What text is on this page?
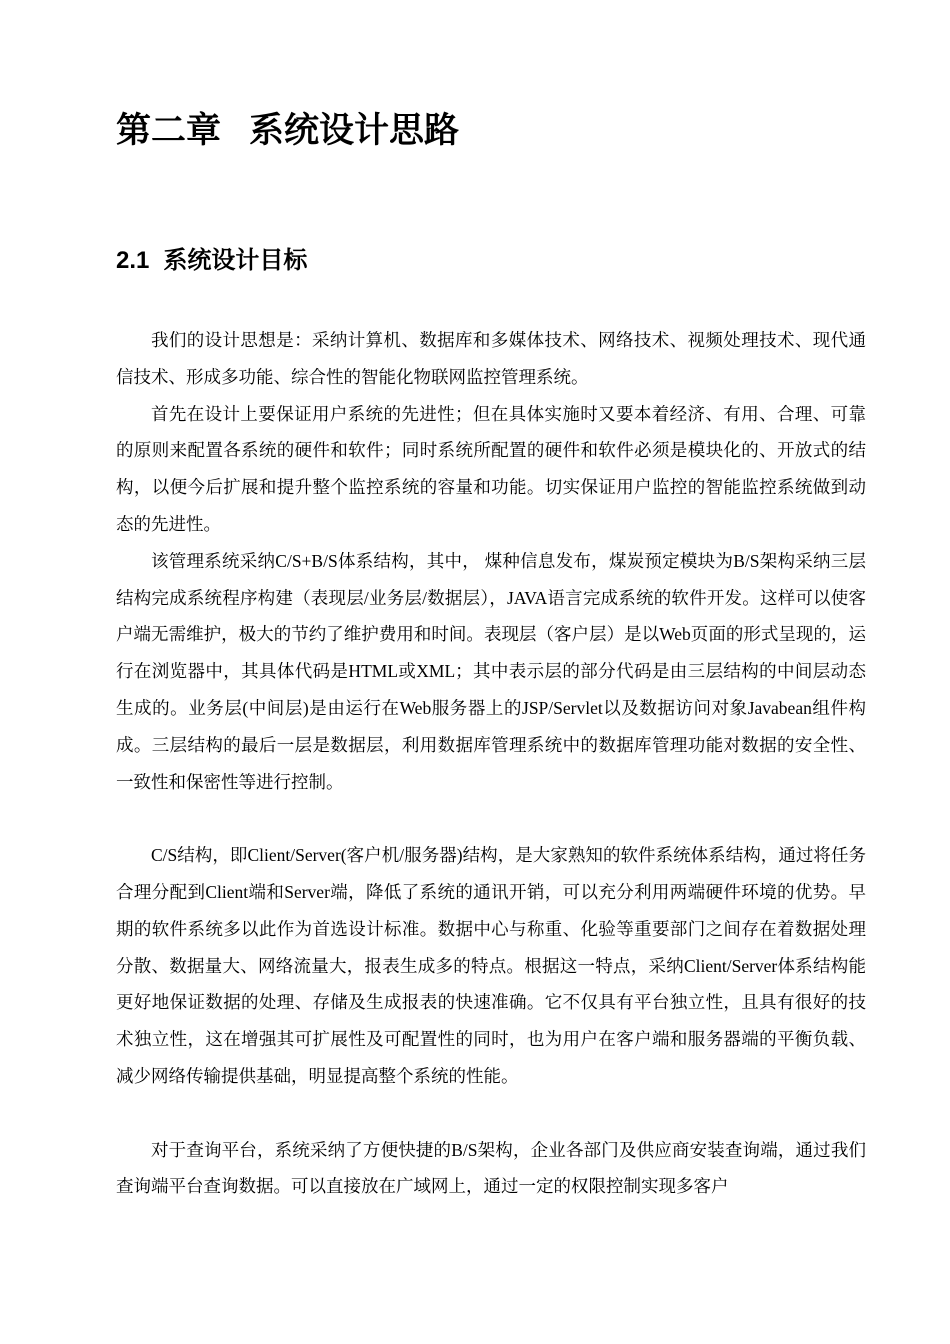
第二章 系统设计思路
2.1 系统设计目标

我们的设计思想是：采纳计算机、数据库和多媒体技术、网络技术、视频处理技术、现代通信技术、形成多功能、综合性的智能化物联网监控管理系统。

首先在设计上要保证用户系统的先进性；但在具体实施时又要本着经济、有用、合理、可靠的原则来配置各系统的硬件和软件；同时系统所配置的硬件和软件必须是模块化的、开放式的结构，以便今后扩展和提升整个监控系统的容量和功能。切实保证用户监控的智能监控系统做到动态的先进性。

该管理系统采纳C/S+B/S体系结构，其中， 煤种信息发布，煤炭预定模块为B/S架构采纳三层结构完成系统程序构建（表现层/业务层/数据层），JAVA语言完成系统的软件开发。这样可以使客户端无需维护，极大的节约了维护费用和时间。表现层（客户层）是以Web页面的形式呈现的，运行在浏览器中，其具体代码是HTML或XML；其中表示层的部分代码是由三层结构的中间层动态生成的。业务层(中间层)是由运行在Web服务器上的JSP/Servlet以及数据访问对象Javabean组件构成。三层结构的最后一层是数据层，利用数据库管理系统中的数据库管理功能对数据的安全性、一致性和保密性等进行控制。

C/S结构，即Client/Server(客户机/服务器)结构，是大家熟知的软件系统体系结构，通过将任务合理分配到Client端和Server端，降低了系统的通讯开销，可以充分利用两端硬件环境的优势。早期的软件系统多以此作为首选设计标准。数据中心与称重、化验等重要部门之间存在着数据处理分散、数据量大、网络流量大，报表生成多的特点。根据这一特点，采纳Client/Server体系结构能更好地保证数据的处理、存储及生成报表的快速准确。它不仅具有平台独立性，且具有很好的技术独立性，这在增强其可扩展性及可配置性的同时，也为用户在客户端和服务器端的平衡负载、减少网络传输提供基础，明显提高整个系统的性能。

对于查询平台，系统采纳了方便快捷的B/S架构，企业各部门及供应商安装查询端，通过我们查询端平台查询数据。可以直接放在广域网上，通过一定的权限控制实现多客户
